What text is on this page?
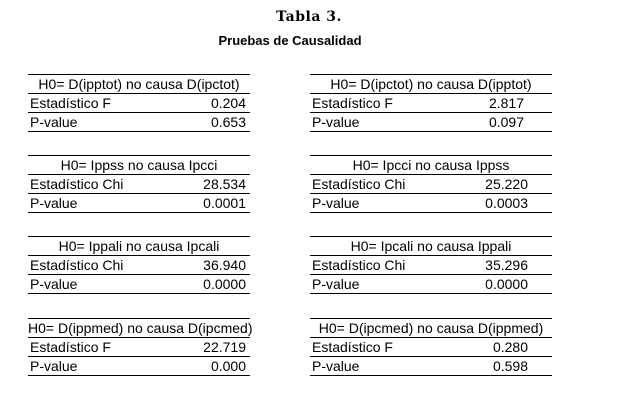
Tabla 3.
Pruebas de Causalidad
H0= D(ipptot) no causa D(ipctot)
Estadístico F	0.204
P-value	0.653
H0= D(ipctot) no causa D(ipptot)
Estadístico F	2.817
P-value	0.097
H0= Ippss no causa Ipcci
Estadístico Chi	28.534
P-value	0.0001
H0= Ipcci no causa Ippss
Estadístico Chi	25.220
P-value	0.0003
H0= Ippali no causa Ipcali
Estadístico Chi	36.940
P-value	0.0000
H0= Ipcali no causa Ippali
Estadístico Chi	35.296
P-value	0.0000
H0= D(ippmed) no causa D(ipcmed)
Estadístico F	22.719
P-value	0.000
H0= D(ipcmed) no causa D(ippmed)
Estadístico F	0.280
P-value	0.598
